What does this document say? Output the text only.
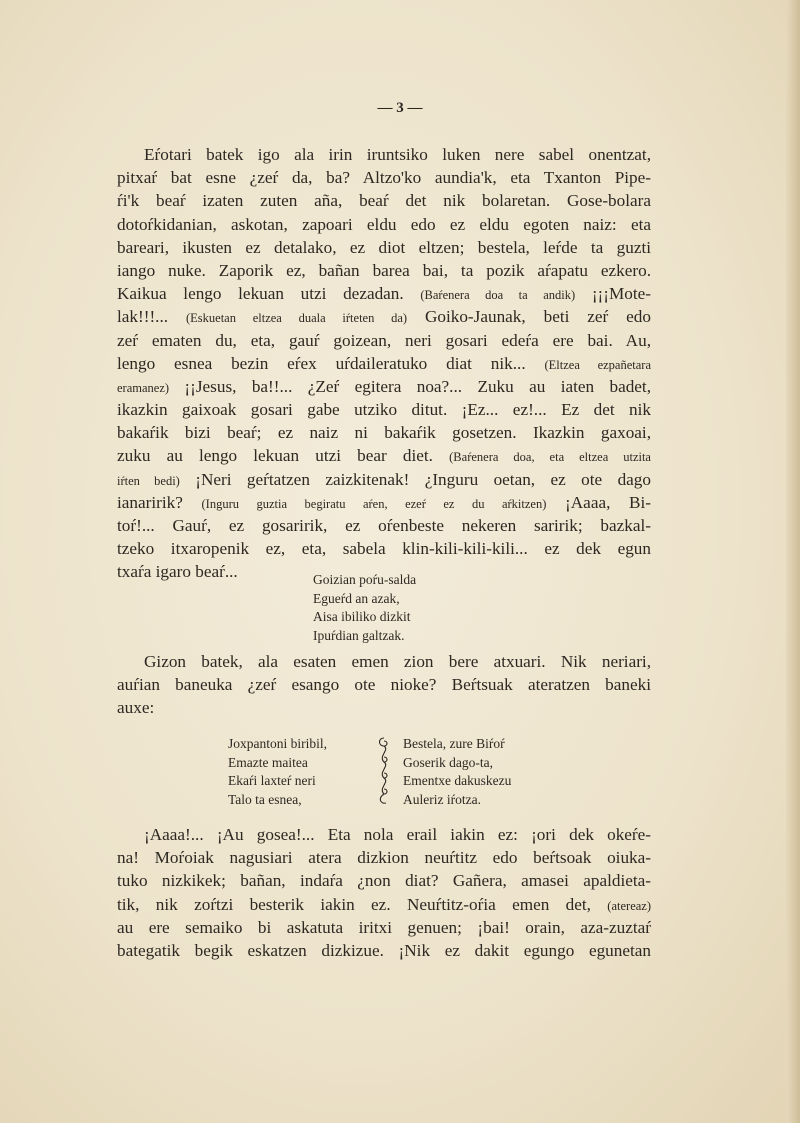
— 3 —
Eŕotari batek igo ala irin iruntsiko luken nere sabel onentzat,
pitxaŕ bat esne ¿zeŕ da, ba? Altzo'ko aundia'k, eta Txanton Pipe-
ŕi'k beaŕ izaten zuten aña, beaŕ det nik bolaretan. Gose-bolara
dotoŕkidanian, askotan, zapoari eldu edo ez eldu egoten naiz: eta
bareari, ikusten ez detalako, ez diot eltzen; bestela, leŕde ta guzti
iango nuke. Zaporik ez, bañan barea bai, ta pozik aŕapatu ezkero.
Kaikua lengo lekuan utzi dezadan. (Baŕenera doa ta andik) ¡¡¡Mote-
lak!!!... (Eskuetan eltzea duala iŕteten da) Goiko-Jaunak, beti zeŕ edo
zeŕ ematen du, eta, gauŕ goizean, neri gosari edeŕa ere bai. Au,
lengo esnea bezin eŕex uŕdaileratuko diat nik... (Eltzea ezpañetara
eramanez) ¡¡Jesus, ba!!... ¿Zeŕ egitera noa?... Zuku au iaten badet,
ikazkin gaixoak gosari gabe utziko ditut. ¡Ez... ez!... Ez det nik
bakaŕik bizi beaŕ; ez naiz ni bakaŕik gosetzen. Ikazkin gaxoai,
zuku au lengo lekuan utzi bear diet. (Baŕenera doa, eta eltzea utzita
iŕten bedi) ¡Neri geŕtatzen zaizkitenak! ¿Inguru oetan, ez ote dago
ianaririk? (Inguru guztia begiratu aŕen, ezeŕ ez du aŕkitzen) ¡Aaaa, Bi-
toŕ!... Gauŕ, ez gosaririk, ez oŕenbeste nekeren saririk; bazkal-
tzeko itxaropenik ez, eta, sabela klin-kili-kili-kili... ez dek egun
txaŕa igaro beaŕ...	Goizian poŕu-salda
Egueŕd an azak,
Aisa ibiliko dizkit
Ipuŕdian galtzak.
Gizon batek, ala esaten emen zion bere atxuari. Nik neriari,
auŕian baneuka ¿zeŕ esango ote nioke? Beŕtsuak ateratzen baneki
auxe:
Joxpantoni biribil,
Emazte maitea
Ekaŕi laxteŕ neri
Talo ta esnea,
Bestela, zure Biŕoŕ
Goserik dago-ta,
Ementxe dakuskezu
Auleriz iŕotza.
¡Aaaa!... ¡Au gosea!... Eta nola erail iakin ez: ¡ori dek okeŕe-
na! Moŕoiak nagusiari atera dizkion neuŕtitz edo beŕtsoak oiuka-
tuko nizkikek; bañan, indaŕa ¿non diat? Gañera, amasei apaldieta-
tik, nik zoŕtzi besterik iakin ez. Neuŕtitz-oŕia emen det, (atereaz)
au ere semaiko bi askatuta iritxi genuen; ¡bai! orain, aza-zuztaŕ
bategatik begik eskatzen dizkizue. ¡Nik ez dakit egungo egunetan
